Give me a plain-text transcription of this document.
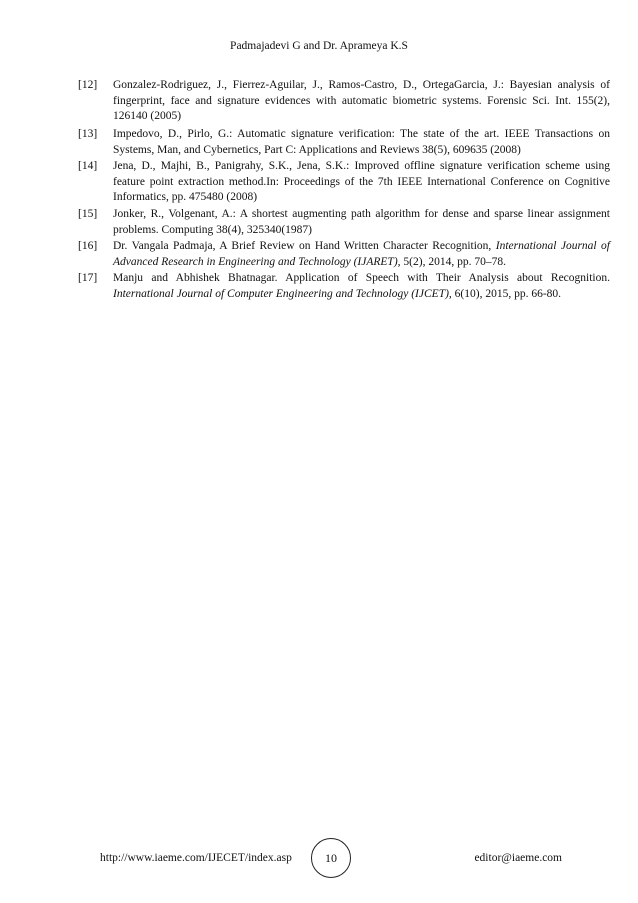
Padmajadevi G and Dr. Aprameya K.S
[12] Gonzalez-Rodriguez, J., Fierrez-Aguilar, J., Ramos-Castro, D., OrtegaGarcia, J.: Bayesian analysis of fingerprint, face and signature evidences with automatic biometric systems. Forensic Sci. Int. 155(2), 126140 (2005)
[13] Impedovo, D., Pirlo, G.: Automatic signature verification: The state of the art. IEEE Transactions on Systems, Man, and Cybernetics, Part C: Applications and Reviews 38(5), 609635 (2008)
[14] Jena, D., Majhi, B., Panigrahy, S.K., Jena, S.K.: Improved offline signature verification scheme using feature point extraction method.In: Proceedings of the 7th IEEE International Conference on Cognitive Informatics, pp. 475480 (2008)
[15] Jonker, R., Volgenant, A.: A shortest augmenting path algorithm for dense and sparse linear assignment problems. Computing 38(4), 325340(1987)
[16] Dr. Vangala Padmaja, A Brief Review on Hand Written Character Recognition, International Journal of Advanced Research in Engineering and Technology (IJARET), 5(2), 2014, pp. 70–78.
[17] Manju and Abhishek Bhatnagar. Application of Speech with Their Analysis about Recognition. International Journal of Computer Engineering and Technology (IJCET), 6(10), 2015, pp. 66-80.
http://www.iaeme.com/IJECET/index.asp	10	editor@iaeme.com
